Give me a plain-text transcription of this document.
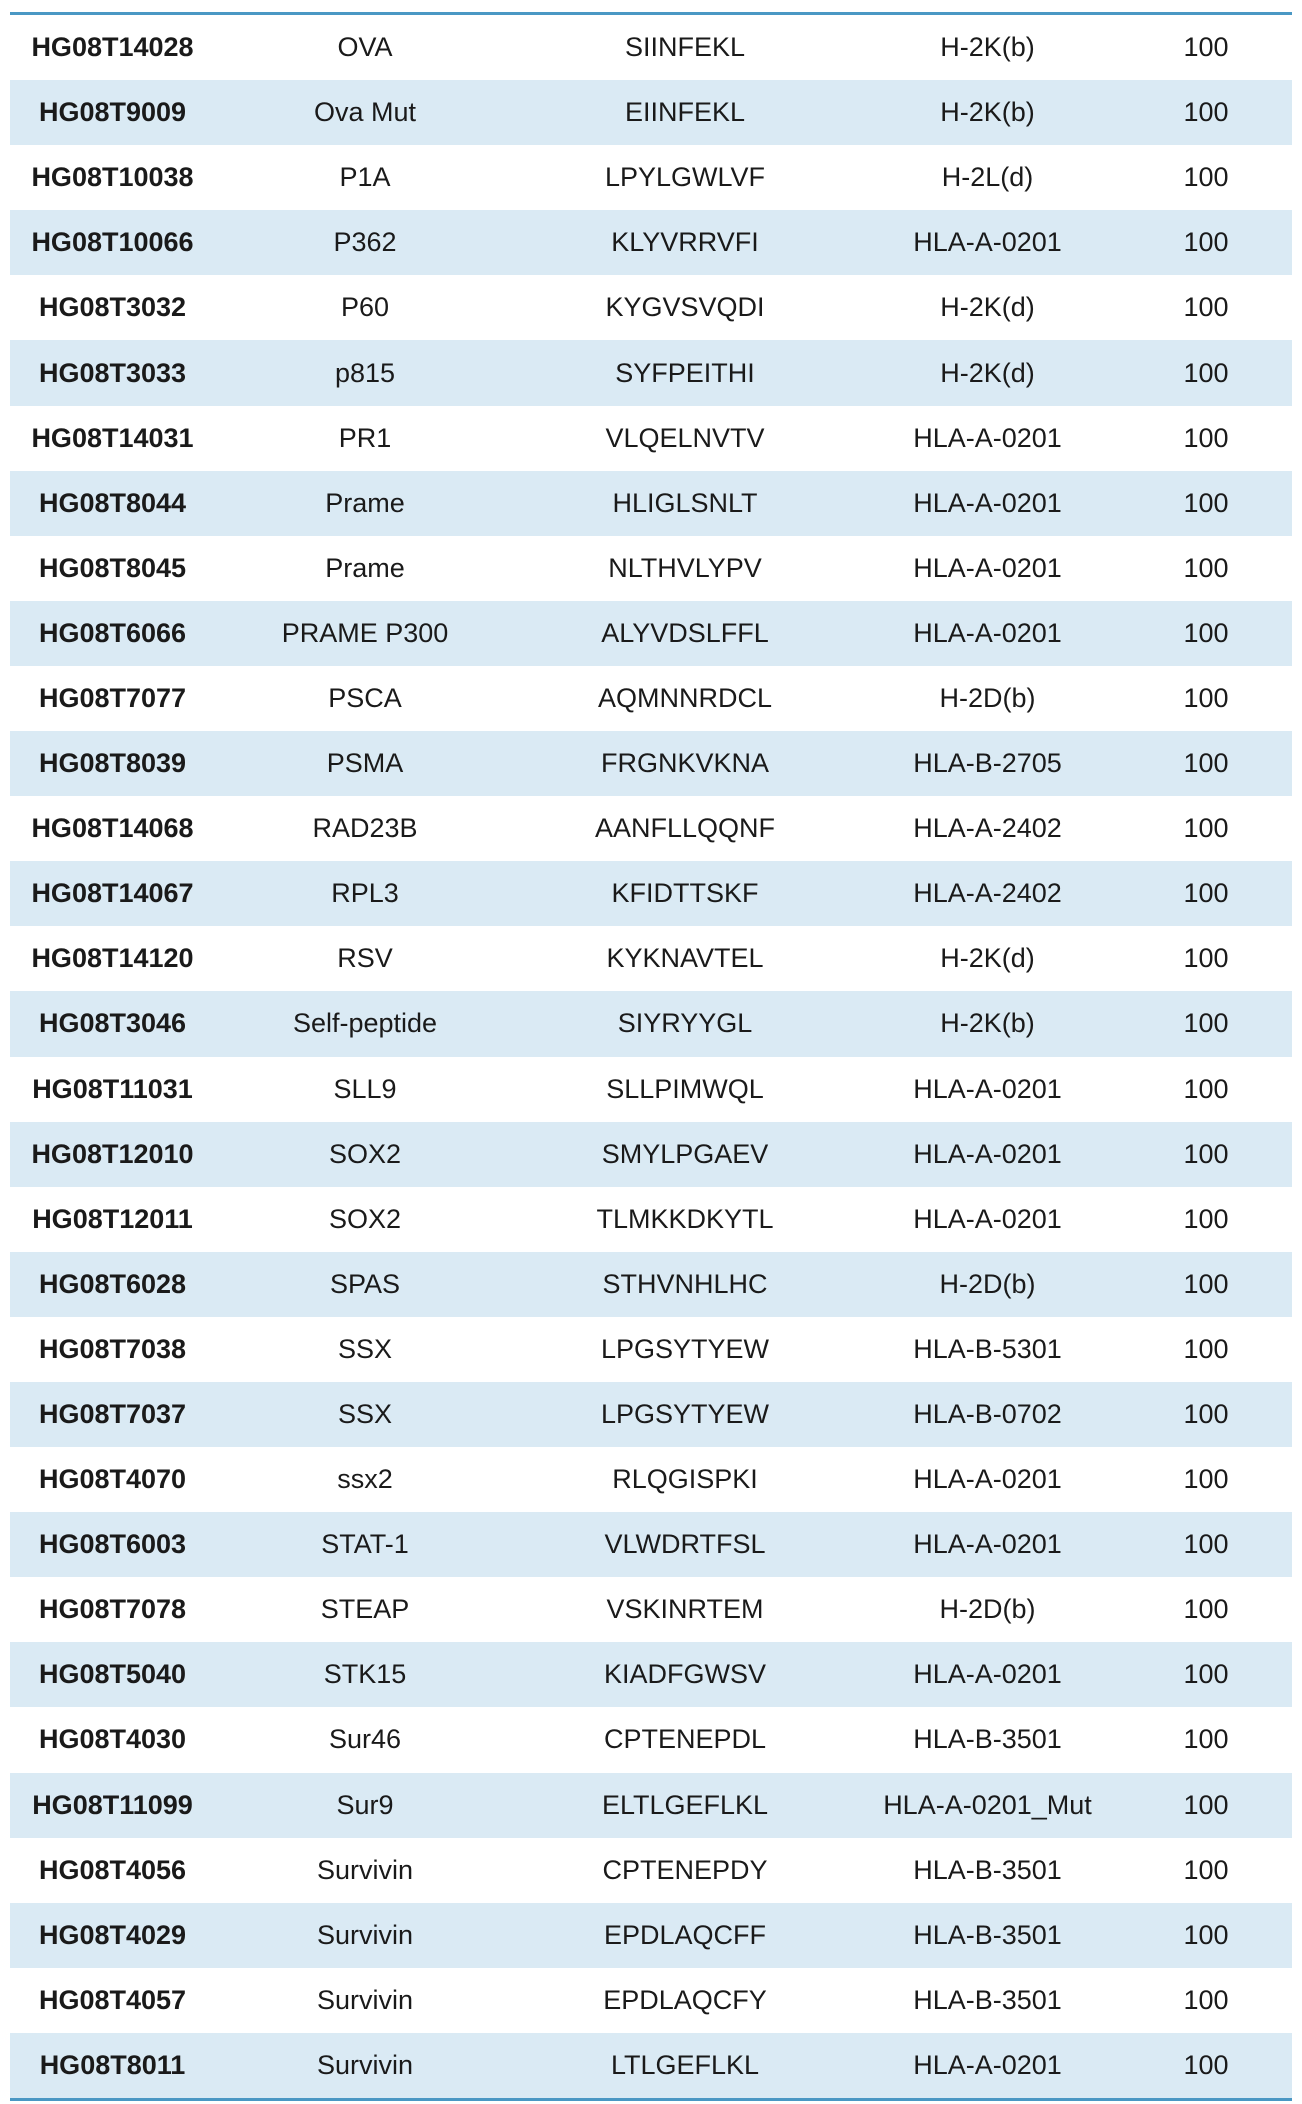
HG08T14028	OVA	SIINFEKL	H-2K(b)	100
HG08T9009	Ova Mut	EIINFEKL	H-2K(b)	100
HG08T10038	P1A	LPYLGWLVF	H-2L(d)	100
HG08T10066	P362	KLYVRRVFI	HLA-A-0201	100
HG08T3032	P60	KYGVSVQDI	H-2K(d)	100
HG08T3033	p815	SYFPEITHI	H-2K(d)	100
HG08T14031	PR1	VLQELNVTV	HLA-A-0201	100
HG08T8044	Prame	HLIGLSNLT	HLA-A-0201	100
HG08T8045	Prame	NLTHVLYPV	HLA-A-0201	100
HG08T6066	PRAME P300	ALYVDSLFFL	HLA-A-0201	100
HG08T7077	PSCA	AQMNNRDCL	H-2D(b)	100
HG08T8039	PSMA	FRGNKVKNA	HLA-B-2705	100
HG08T14068	RAD23B	AANFLLQQNF	HLA-A-2402	100
HG08T14067	RPL3	KFIDTTSKF	HLA-A-2402	100
HG08T14120	RSV	KYKNAVTEL	H-2K(d)	100
HG08T3046	Self-peptide	SIYRYYGL	H-2K(b)	100
HG08T11031	SLL9	SLLPIMWQL	HLA-A-0201	100
HG08T12010	SOX2	SMYLPGAEV	HLA-A-0201	100
HG08T12011	SOX2	TLMKKDKYTL	HLA-A-0201	100
HG08T6028	SPAS	STHVNHLHC	H-2D(b)	100
HG08T7038	SSX	LPGSYTYEW	HLA-B-5301	100
HG08T7037	SSX	LPGSYTYEW	HLA-B-0702	100
HG08T4070	ssx2	RLQGISPKI	HLA-A-0201	100
HG08T6003	STAT-1	VLWDRTFSL	HLA-A-0201	100
HG08T7078	STEAP	VSKINRTEM	H-2D(b)	100
HG08T5040	STK15	KIADFGWSV	HLA-A-0201	100
HG08T4030	Sur46	CPTENEPDL	HLA-B-3501	100
HG08T11099	Sur9	ELTLGEFLKL	HLA-A-0201_Mut	100
HG08T4056	Survivin	CPTENEPDY	HLA-B-3501	100
HG08T4029	Survivin	EPDLAQCFF	HLA-B-3501	100
HG08T4057	Survivin	EPDLAQCFY	HLA-B-3501	100
HG08T8011	Survivin	LTLGEFLKL	HLA-A-0201	100
